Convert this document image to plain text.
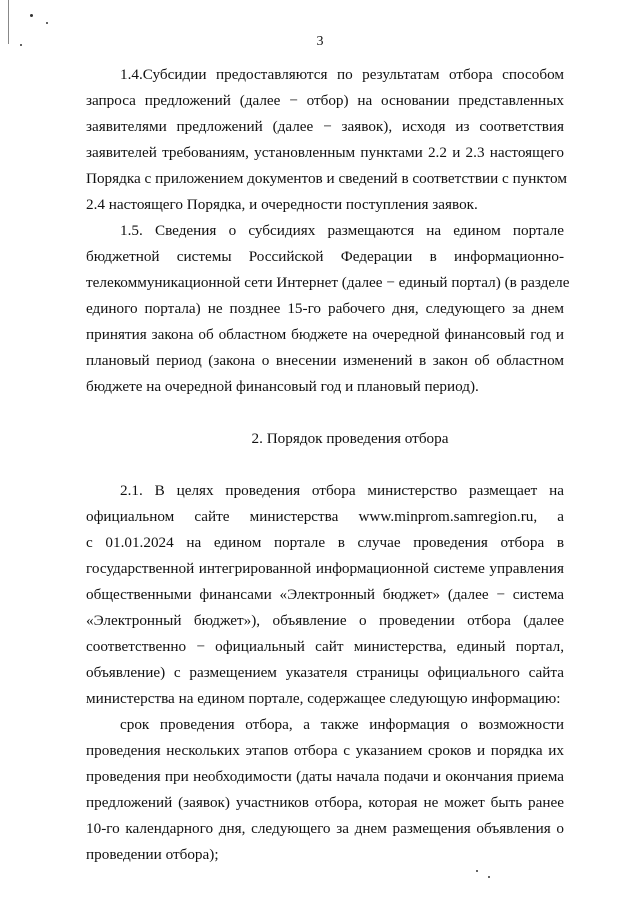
3
1.4.Субсидии предоставляются по результатам отбора способом
запроса предложений (далее − отбор) на основании представленных
заявителями предложений (далее − заявок), исходя из соответствия
заявителей требованиям, установленным пунктами 2.2 и 2.3 настоящего
Порядка с приложением документов и сведений в соответствии с пунктом
2.4 настоящего Порядка, и очередности поступления заявок.
1.5. Сведения о субсидиях размещаются на едином портале
бюджетной системы Российской Федерации в информационно-
телекоммуникационной сети Интернет (далее − единый портал) (в разделе
единого портала) не позднее 15-го рабочего дня, следующего за днем
принятия закона об областном бюджете на очередной финансовый год и
плановый период (закона о внесении изменений в закон об областном
бюджете на очередной финансовый год и плановый период).
2. Порядок проведения отбора
2.1. В целях проведения отбора министерство размещает на
официальном сайте министерства www.minprom.samregion.ru, а
с 01.01.2024 на едином портале в случае проведения отбора в
государственной интегрированной информационной системе управления
общественными финансами «Электронный бюджет» (далее − система
«Электронный бюджет»), объявление о проведении отбора (далее
соответственно − официальный сайт министерства, единый портал,
объявление) с размещением указателя страницы официального сайта
министерства на едином портале, содержащее следующую информацию:
срок проведения отбора, а также информация о возможности
проведения нескольких этапов отбора с указанием сроков и порядка их
проведения при необходимости (даты начала подачи и окончания приема
предложений (заявок) участников отбора, которая не может быть ранее
10-го календарного дня, следующего за днем размещения объявления о
проведении отбора);
